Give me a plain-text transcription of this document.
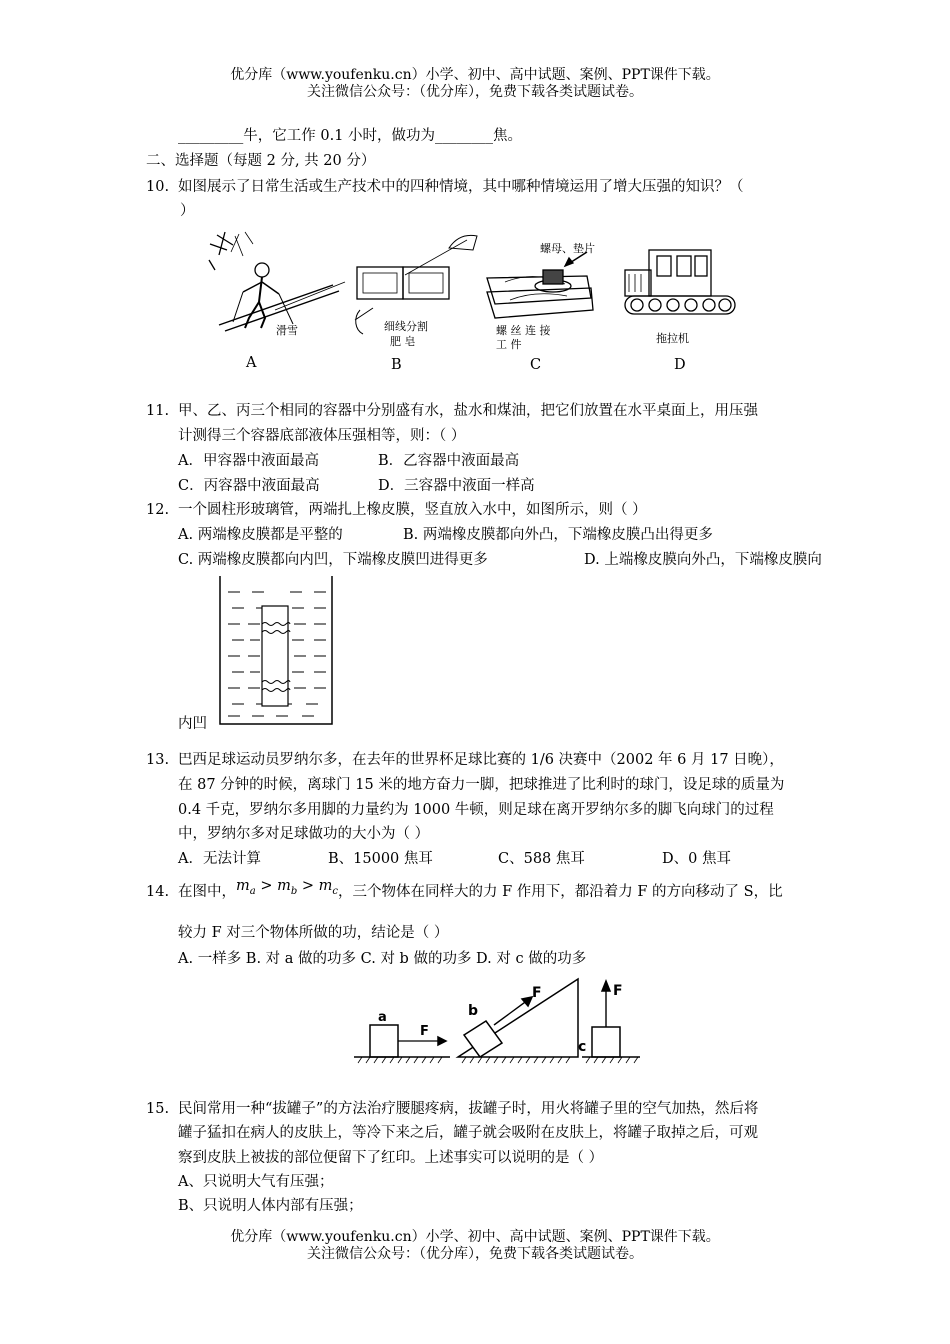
优分库（www.youfenku.cn）小学、初中、高中试题、案例、PPT课件下载。
关注微信公众号：（优分库），免费下载各类试题试卷。
_________牛，它工作 0.1 小时，做功为________焦。
二、选择题（每题 2 分, 共 20 分）
10. 如图展示了日常生活或生产技术中的四种情境，其中哪种情境运用了增大压强的知识？（
）
滑雪	细线分割
肥 皂
螺母、垫片
螺 丝 连 接
工 件	拖拉机
A	B	C	D
11. 甲、乙、丙三个相同的容器中分别盛有水，盐水和煤油，把它们放置在水平桌面上，用压强
计测得三个容器底部液体压强相等，则：（ ）
A．甲容器中液面最高	B．乙容器中液面最高
C．丙容器中液面最高	D．三容器中液面一样高
12. 一个圆柱形玻璃管，两端扎上橡皮膜，竖直放入水中，如图所示，则（ ）
A. 两端橡皮膜都是平整的	B. 两端橡皮膜都向外凸，下端橡皮膜凸出得更多
C. 两端橡皮膜都向内凹，下端橡皮膜凹进得更多	D. 上端橡皮膜向外凸，下端橡皮膜向
内凹
13. 巴西足球运动员罗纳尔多，在去年的世界杯足球比赛的 1/6 决赛中（2002 年 6 月 17 日晚），
在 87 分钟的时候，离球门 15 米的地方奋力一脚，把球推进了比利时的球门，设足球的质量为
0.4 千克，罗纳尔多用脚的力量约为 1000 牛顿，则足球在离开罗纳尔多的脚飞向球门的过程
中，罗纳尔多对足球做功的大小为（ ）
A．无法计算	B、15000 焦耳	C、588 焦耳	D、0 焦耳
14. 在图中，$m_a > m_b > m_c$，三个物体在同样大的力 F 作用下，都沿着力 F 的方向移动了 S，比
较力 F 对三个物体所做的功，结论是（ ）
A. 一样多 B. 对 a 做的功多 C. 对 b 做的功多 D. 对 c 做的功多
a
F
b
F
c
F
15. 民间常用一种“拔罐子”的方法治疗腰腿疼病，拔罐子时，用火将罐子里的空气加热，然后将
罐子猛扣在病人的皮肤上，等冷下来之后，罐子就会吸附在皮肤上，将罐子取掉之后，可观
察到皮肤上被拔的部位便留下了红印。上述事实可以说明的是（ ）
A、只说明大气有压强；
B、只说明人体内部有压强；
优分库（www.youfenku.cn）小学、初中、高中试题、案例、PPT课件下载。
关注微信公众号：（优分库），免费下载各类试题试卷。
